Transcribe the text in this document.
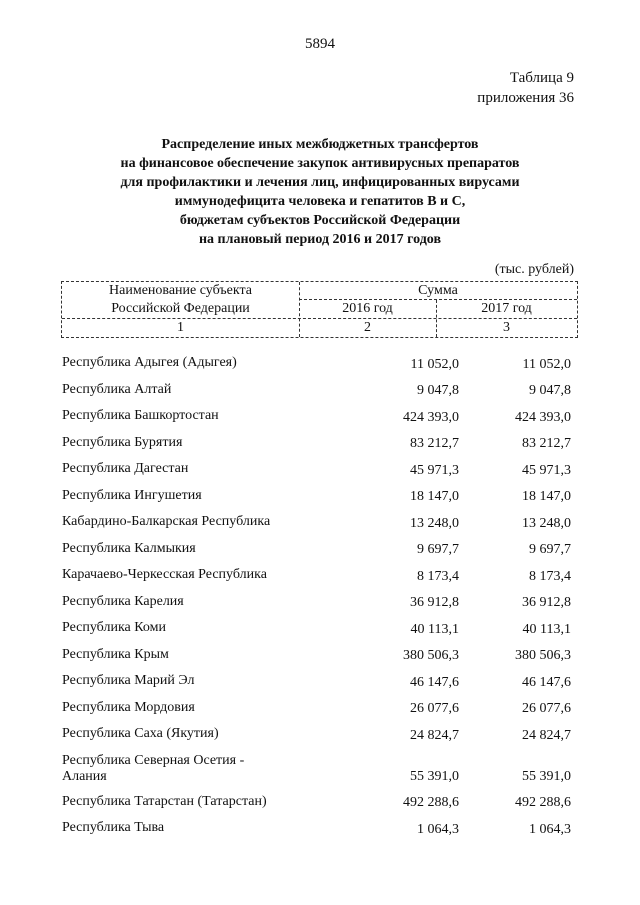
5894
Таблица 9
приложения 36
Распределение иных межбюджетных трансфертов
на финансовое обеспечение закупок антивирусных препаратов
для профилактики и лечения лиц, инфицированных вирусами
иммунодефицита человека и гепатитов В и С,
бюджетам субъектов Российской Федерации
на плановый период 2016 и 2017 годов
(тыс. рублей)
Наименование субъекта
Российской Федерации
Сумма
2016 год	2017 год
1	2	3
Республика Адыгея (Адыгея)	11 052,0	11 052,0
Республика Алтай	9 047,8	9 047,8
Республика Башкортостан	424 393,0	424 393,0
Республика Бурятия	83 212,7	83 212,7
Республика Дагестан	45 971,3	45 971,3
Республика Ингушетия	18 147,0	18 147,0
Кабардино-Балкарская Республика	13 248,0	13 248,0
Республика Калмыкия	9 697,7	9 697,7
Карачаево-Черкесская Республика	8 173,4	8 173,4
Республика Карелия	36 912,8	36 912,8
Республика Коми	40 113,1	40 113,1
Республика Крым	380 506,3	380 506,3
Республика Марий Эл	46 147,6	46 147,6
Республика Мордовия	26 077,6	26 077,6
Республика Саха (Якутия)	24 824,7	24 824,7
Республика Северная Осетия - Алания	55 391,0	55 391,0
Республика Татарстан (Татарстан)	492 288,6	492 288,6
Республика Тыва	1 064,3	1 064,3
